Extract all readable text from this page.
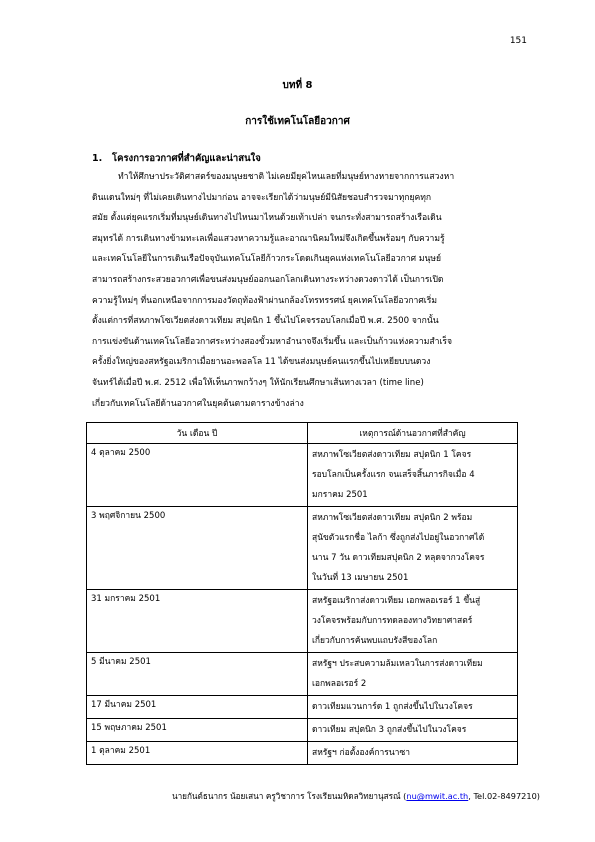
151
บทที่ 8
การใช้เทคโนโลยีอวกาศ
1. โครงการอวกาศที่สำคัญและน่าสนใจ
ทำให้ศึกษาประวัติศาสตร์ของมนุษยชาติ ไม่เคยมียุคไหนเลยที่มนุษย์หางหายจากการแสวงหา
ดินแดนใหม่ๆ ที่ไม่เคยเดินทางไปมาก่อน อาจจะเรียกได้ว่ามนุษย์มีนิสัยชอบสำรวจมาทุกยุคทุก
สมัย ตั้งแต่ยุคแรกเริ่มที่มนุษย์เดินทางไปไหนมาไหนด้วยเท้าเปล่า จนกระทั่งสามารถสร้างเรือเดิน
สมุทรได้ การเดินทางข้ามทะเลเพื่อแสวงหาความรู้และอาณานิคมใหม่จึงเกิดขึ้นพร้อมๆ กับความรู้
และเทคโนโลยีในการเดินเรือปัจจุบันเทคโนโลยีก้าวกระโดดเกินยุคแห่งเทคโนโลยีอวกาศ มนุษย์
สามารถสร้างกระสวยอวกาศเพื่อขนส่งมนุษย์ออกนอกโลกเดินทางระหว่างดวงดาวได้ เป็นการเปิด
ความรู้ใหม่ๆ ที่นอกเหนือจากการมองวัตถุท้องฟ้าผ่านกล้องโทรทรรศน์ ยุคเทคโนโลยีอวกาศเริ่ม
ตั้งแต่การที่สหภาพโซเวียตส่งดาวเทียม สปุตนิก 1 ขึ้นไปโคจรรอบโลกเมื่อปี พ.ศ. 2500 จากนั้น
การแข่งขันด้านเทคโนโลยีอวกาศระหว่างสองขั้วมหาอำนาจจึงเริ่มขึ้น และเป็นก้าวแห่งความสำเร็จ
ครั้งยิ่งใหญ่ของสหรัฐอเมริกาเมื่อยานอะพอลโล 11 ได้ขนส่งมนุษย์คนแรกขึ้นไปเหยียบบนดวง
จันทร์ได้เมื่อปี พ.ศ. 2512 เพื่อให้เห็นภาพกว้างๆ ให้นักเรียนศึกษาเส้นทางเวลา (time line)
เกี่ยวกับเทคโนโลยีด้านอวกาศในยุคต้นตามตารางข้างล่าง
วัน เดือน ปี	เหตุการณ์ด้านอวกาศที่สำคัญ
4 ตุลาคม 2500	สหภาพโซเวียตส่งดาวเทียม สปุตนิก 1 โคจร
รอบโลกเป็นครั้งแรก จนเสร็จสิ้นภารกิจเมื่อ 4
มกราคม 2501

3 พฤศจิกายน 2500	สหภาพโซเวียตส่งดาวเทียม สปุตนิก 2 พร้อม
สุนัขตัวแรกชื่อ ไลก้า ซึ่งถูกส่งไปอยู่ในอวกาศได้
นาน 7 วัน ดาวเทียมสปุตนิก 2 หลุดจากวงโคจร
ในวันที่ 13 เมษายน 2501

31 มกราคม 2501	สหรัฐอเมริกาส่งดาวเทียม เอกพลอเรอร์ 1 ขึ้นสู่
วงโคจรพร้อมกับการทดลองทางวิทยาศาสตร์
เกี่ยวกับการค้นพบแถบรังสีของโลก

5 มีนาคม 2501	สหรัฐฯ ประสบความล้มเหลวในการส่งดาวเทียม
เอกพลอเรอร์ 2

17 มีนาคม 2501	ดาวเทียมแวนการ์ด 1 ถูกส่งขึ้นไปในวงโคจร

15 พฤษภาคม 2501	ดาวเทียม สปุตนิก 3 ถูกส่งขึ้นไปในวงโคจร

1 ตุลาคม 2501	สหรัฐฯ ก่อตั้งองค์การนาซา
นายกันต์ธนากร น้อยเสนา ครูวิชาการ โรงเรียนมหิดลวิทยานุสรณ์ (nu@mwit.ac.th, Tel.02-8497210)
